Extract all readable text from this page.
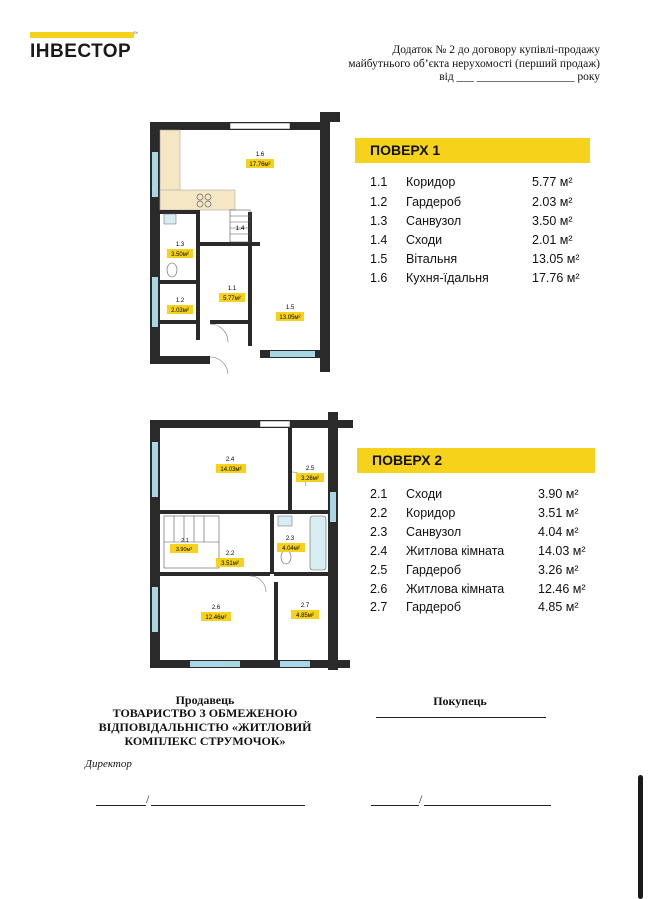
ІНВЕСТОР
™
Додаток № 2 до договору купівлі-продажу
майбутнього об’єкта нерухомості (перший продаж)
від ___ _________________ року
1.6
17.76м²
1.4
1.3
3.50м²
1.2
2.03м²
1.1
5.77м²
1.5
13.05м²
ПОВЕРХ 1
1.1 Коридор	5.77 м²
1.2 Гардероб	2.03 м²
1.3 Санвузол	3.50 м²
1.4 Сходи	2.01 м²
1.5 Вітальня	13.05 м²
1.6 Кухня-їдальня	17.76 м²
2.4
14.03м²	2.5
3.26м²
2.1
3.90м²
2.2
3.51м²
2.3
4.04м²
2.6
12.46м²
2.7
4.85м²
ПОВЕРХ 2
2.1 Сходи	3.90 м²
2.2 Коридор	3.51 м²
2.3 Санвузол	4.04 м²
2.4 Житлова кімната	14.03 м²
2.5 Гардероб	3.26 м²
2.6 Житлова кімната	12.46 м²
2.7 Гардероб	4.85 м²
Продавець
ТОВАРИСТВО З ОБМЕЖЕНОЮ
ВІДПОВІДАЛЬНІСТЮ «ЖИТЛОВИЙ
КОМПЛЕКС СТРУМОЧОК»
Покупець
Директор
/	/
